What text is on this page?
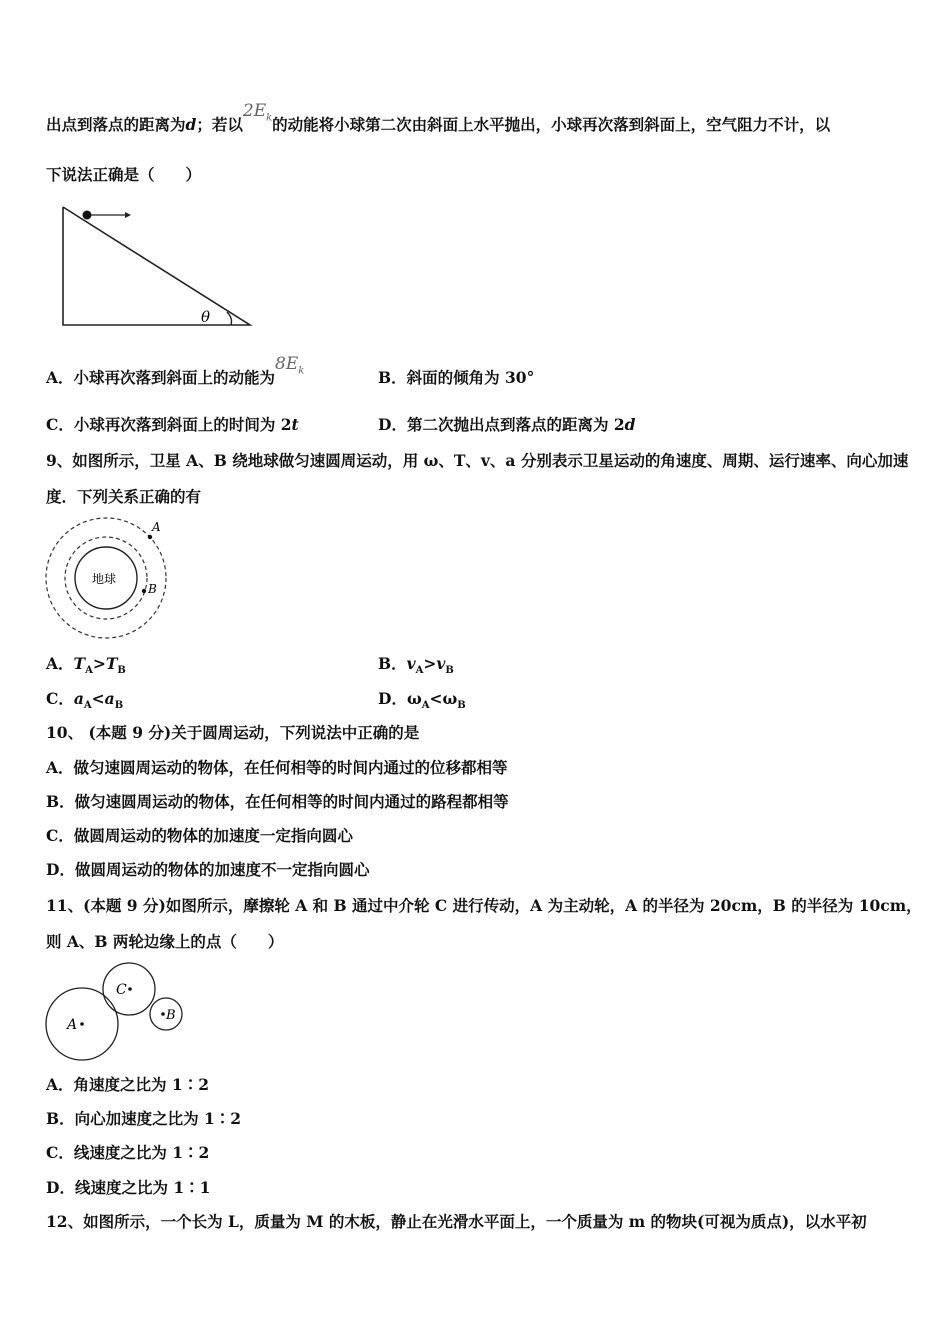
出点到落点的距离为d；若以$2E_k$的动能将小球第二次由斜面上水平抛出，小球再次落到斜面上，空气阻力不计，以
下说法正确是（　　）
θ
A．小球再次落到斜面上的动能为$8E_k$	B．斜面的倾角为 30°
C．小球再次落到斜面上的时间为 2t	D．第二次抛出点到落点的距离为 2d
9、如图所示，卫星 A、B 绕地球做匀速圆周运动，用 ω、T、v、a 分别表示卫星运动的角速度、周期、运行速率、向心加速
度．下列关系正确的有
地球
A
B
A．$T_A>T_B$	B．$v_A>v_B$
C．$a_A<a_B$	D．$\omega_A<\omega_B$
10、 (本题 9 分)关于圆周运动，下列说法中正确的是
A．做匀速圆周运动的物体，在任何相等的时间内通过的位移都相等
B．做匀速圆周运动的物体，在任何相等的时间内通过的路程都相等
C．做圆周运动的物体的加速度一定指向圆心
D．做圆周运动的物体的加速度不一定指向圆心
11、(本题 9 分)如图所示，摩擦轮 A 和 B 通过中介轮 C 进行传动，A 为主动轮，A 的半径为 20cm，B 的半径为 10cm，
则 A、B 两轮边缘上的点（　　）
A
C
B
A．角速度之比为 1∶2
B．向心加速度之比为 1∶2
C．线速度之比为 1∶2
D．线速度之比为 1∶1
12、如图所示，一个长为 L，质量为 M 的木板，静止在光滑水平面上，一个质量为 m 的物块(可视为质点)，以水平初
